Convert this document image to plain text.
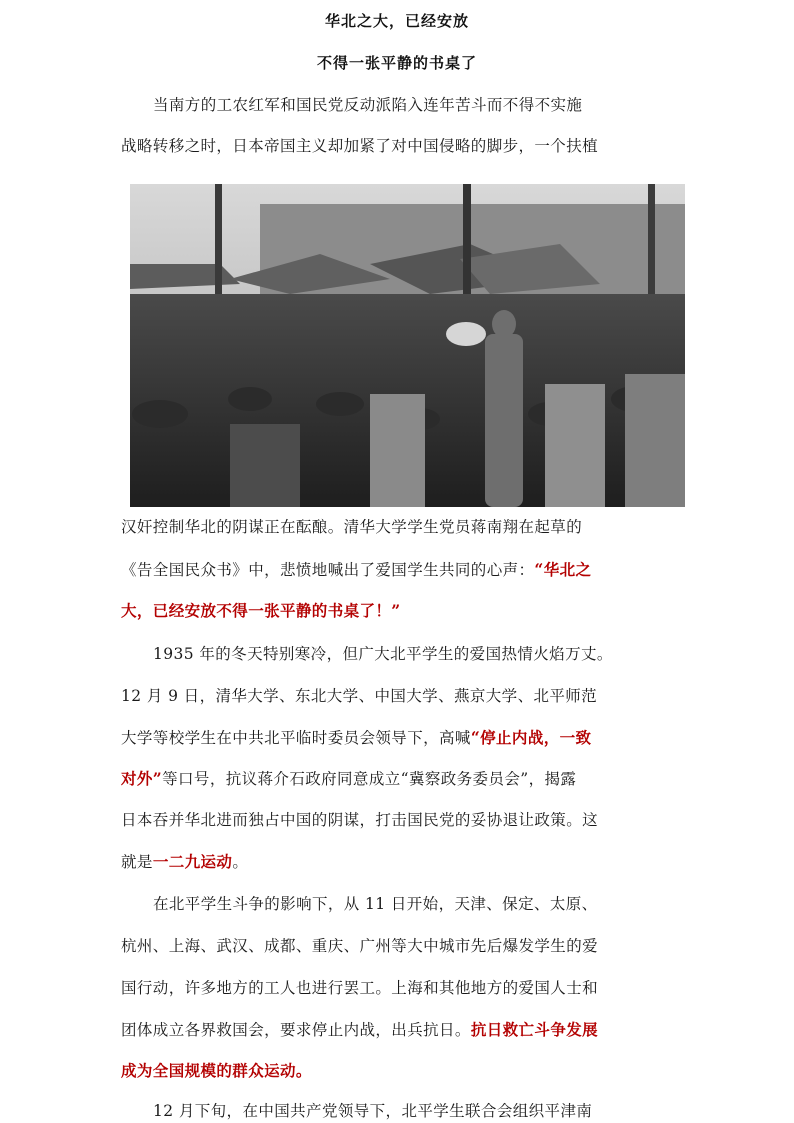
华北之大，已经安放
不得一张平静的书桌了
当南方的工农红军和国民党反动派陷入连年苦斗而不得不实施
战略转移之时，日本帝国主义却加紧了对中国侵略的脚步，一个扶植
汉奸控制华北的阴谋正在酝酿。清华大学学生党员蒋南翔在起草的
《告全国民众书》中，悲愤地喊出了爱国学生共同的心声：“华北之
大，已经安放不得一张平静的书桌了！”
1935 年的冬天特别寒冷，但广大北平学生的爱国热情火焰万丈。
12 月 9 日，清华大学、东北大学、中国大学、燕京大学、北平师范
大学等校学生在中共北平临时委员会领导下，高喊“停止内战，一致
对外”等口号，抗议蒋介石政府同意成立“冀察政务委员会”，揭露
日本吞并华北进而独占中国的阴谋，打击国民党的妥协退让政策。这
就是一二九运动。
在北平学生斗争的影响下，从 11 日开始，天津、保定、太原、
杭州、上海、武汉、成都、重庆、广州等大中城市先后爆发学生的爱
国行动，许多地方的工人也进行罢工。上海和其他地方的爱国人士和
团体成立各界救国会，要求停止内战，出兵抗日。抗日救亡斗争发展
成为全国规模的群众运动。
12 月下旬，在中国共产党领导下，北平学生联合会组织平津南
